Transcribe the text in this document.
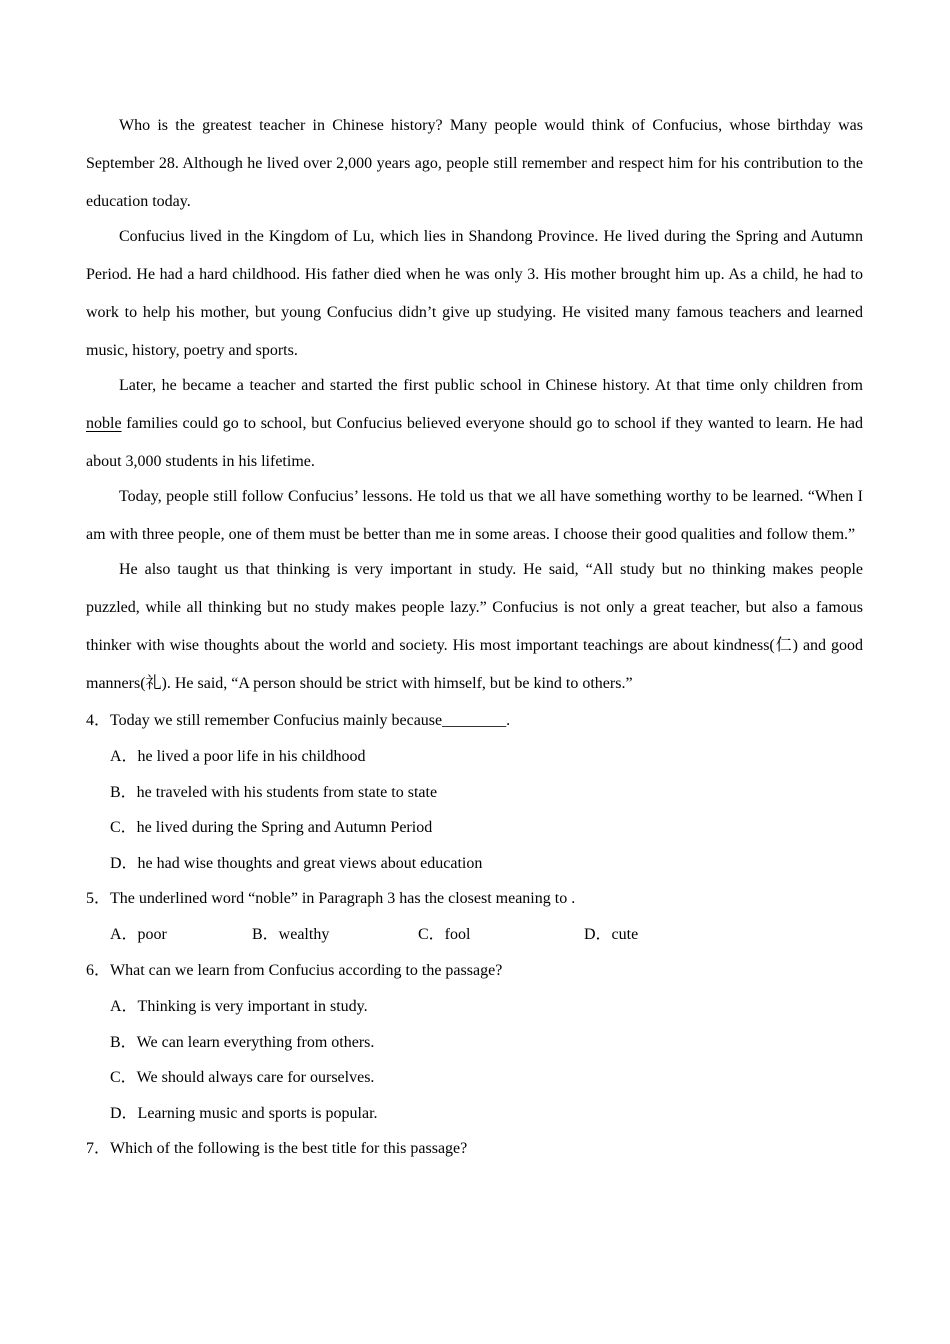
Who is the greatest teacher in Chinese history? Many people would think of Confucius, whose birthday was September 28. Although he lived over 2,000 years ago, people still remember and respect him for his contribution to the education today.

Confucius lived in the Kingdom of Lu, which lies in Shandong Province. He lived during the Spring and Autumn Period. He had a hard childhood. His father died when he was only 3. His mother brought him up. As a child, he had to work to help his mother, but young Confucius didn’t give up studying. He visited many famous teachers and learned music, history, poetry and sports.

Later, he became a teacher and started the first public school in Chinese history. At that time only children from noble families could go to school, but Confucius believed everyone should go to school if they wanted to learn. He had about 3,000 students in his lifetime.

Today, people still follow Confucius’ lessons. He told us that we all have something worthy to be learned. “When I am with three people, one of them must be better than me in some areas. I choose their good qualities and follow them.”

He also taught us that thinking is very important in study. He said, “All study but no thinking makes people puzzled, while all thinking but no study makes people lazy.” Confucius is not only a great teacher, but also a famous thinker with wise thoughts about the world and society. His most important teachings are about kindness(仁) and good manners(礼). He said, “A person should be strict with himself, but be kind to others.”

4．Today we still remember Confucius mainly because________.

A．he lived a poor life in his childhood

B．he traveled with his students from state to state

C．he lived during the Spring and Autumn Period

D．he had wise thoughts and great views about education

5．The underlined word “noble” in Paragraph 3 has the closest meaning to .

A．poor	B．wealthy	C．fool	D．cute

6．What can we learn from Confucius according to the passage?

A．Thinking is very important in study.

B．We can learn everything from others.

C．We should always care for ourselves.

D．Learning music and sports is popular.

7．Which of the following is the best title for this passage?
